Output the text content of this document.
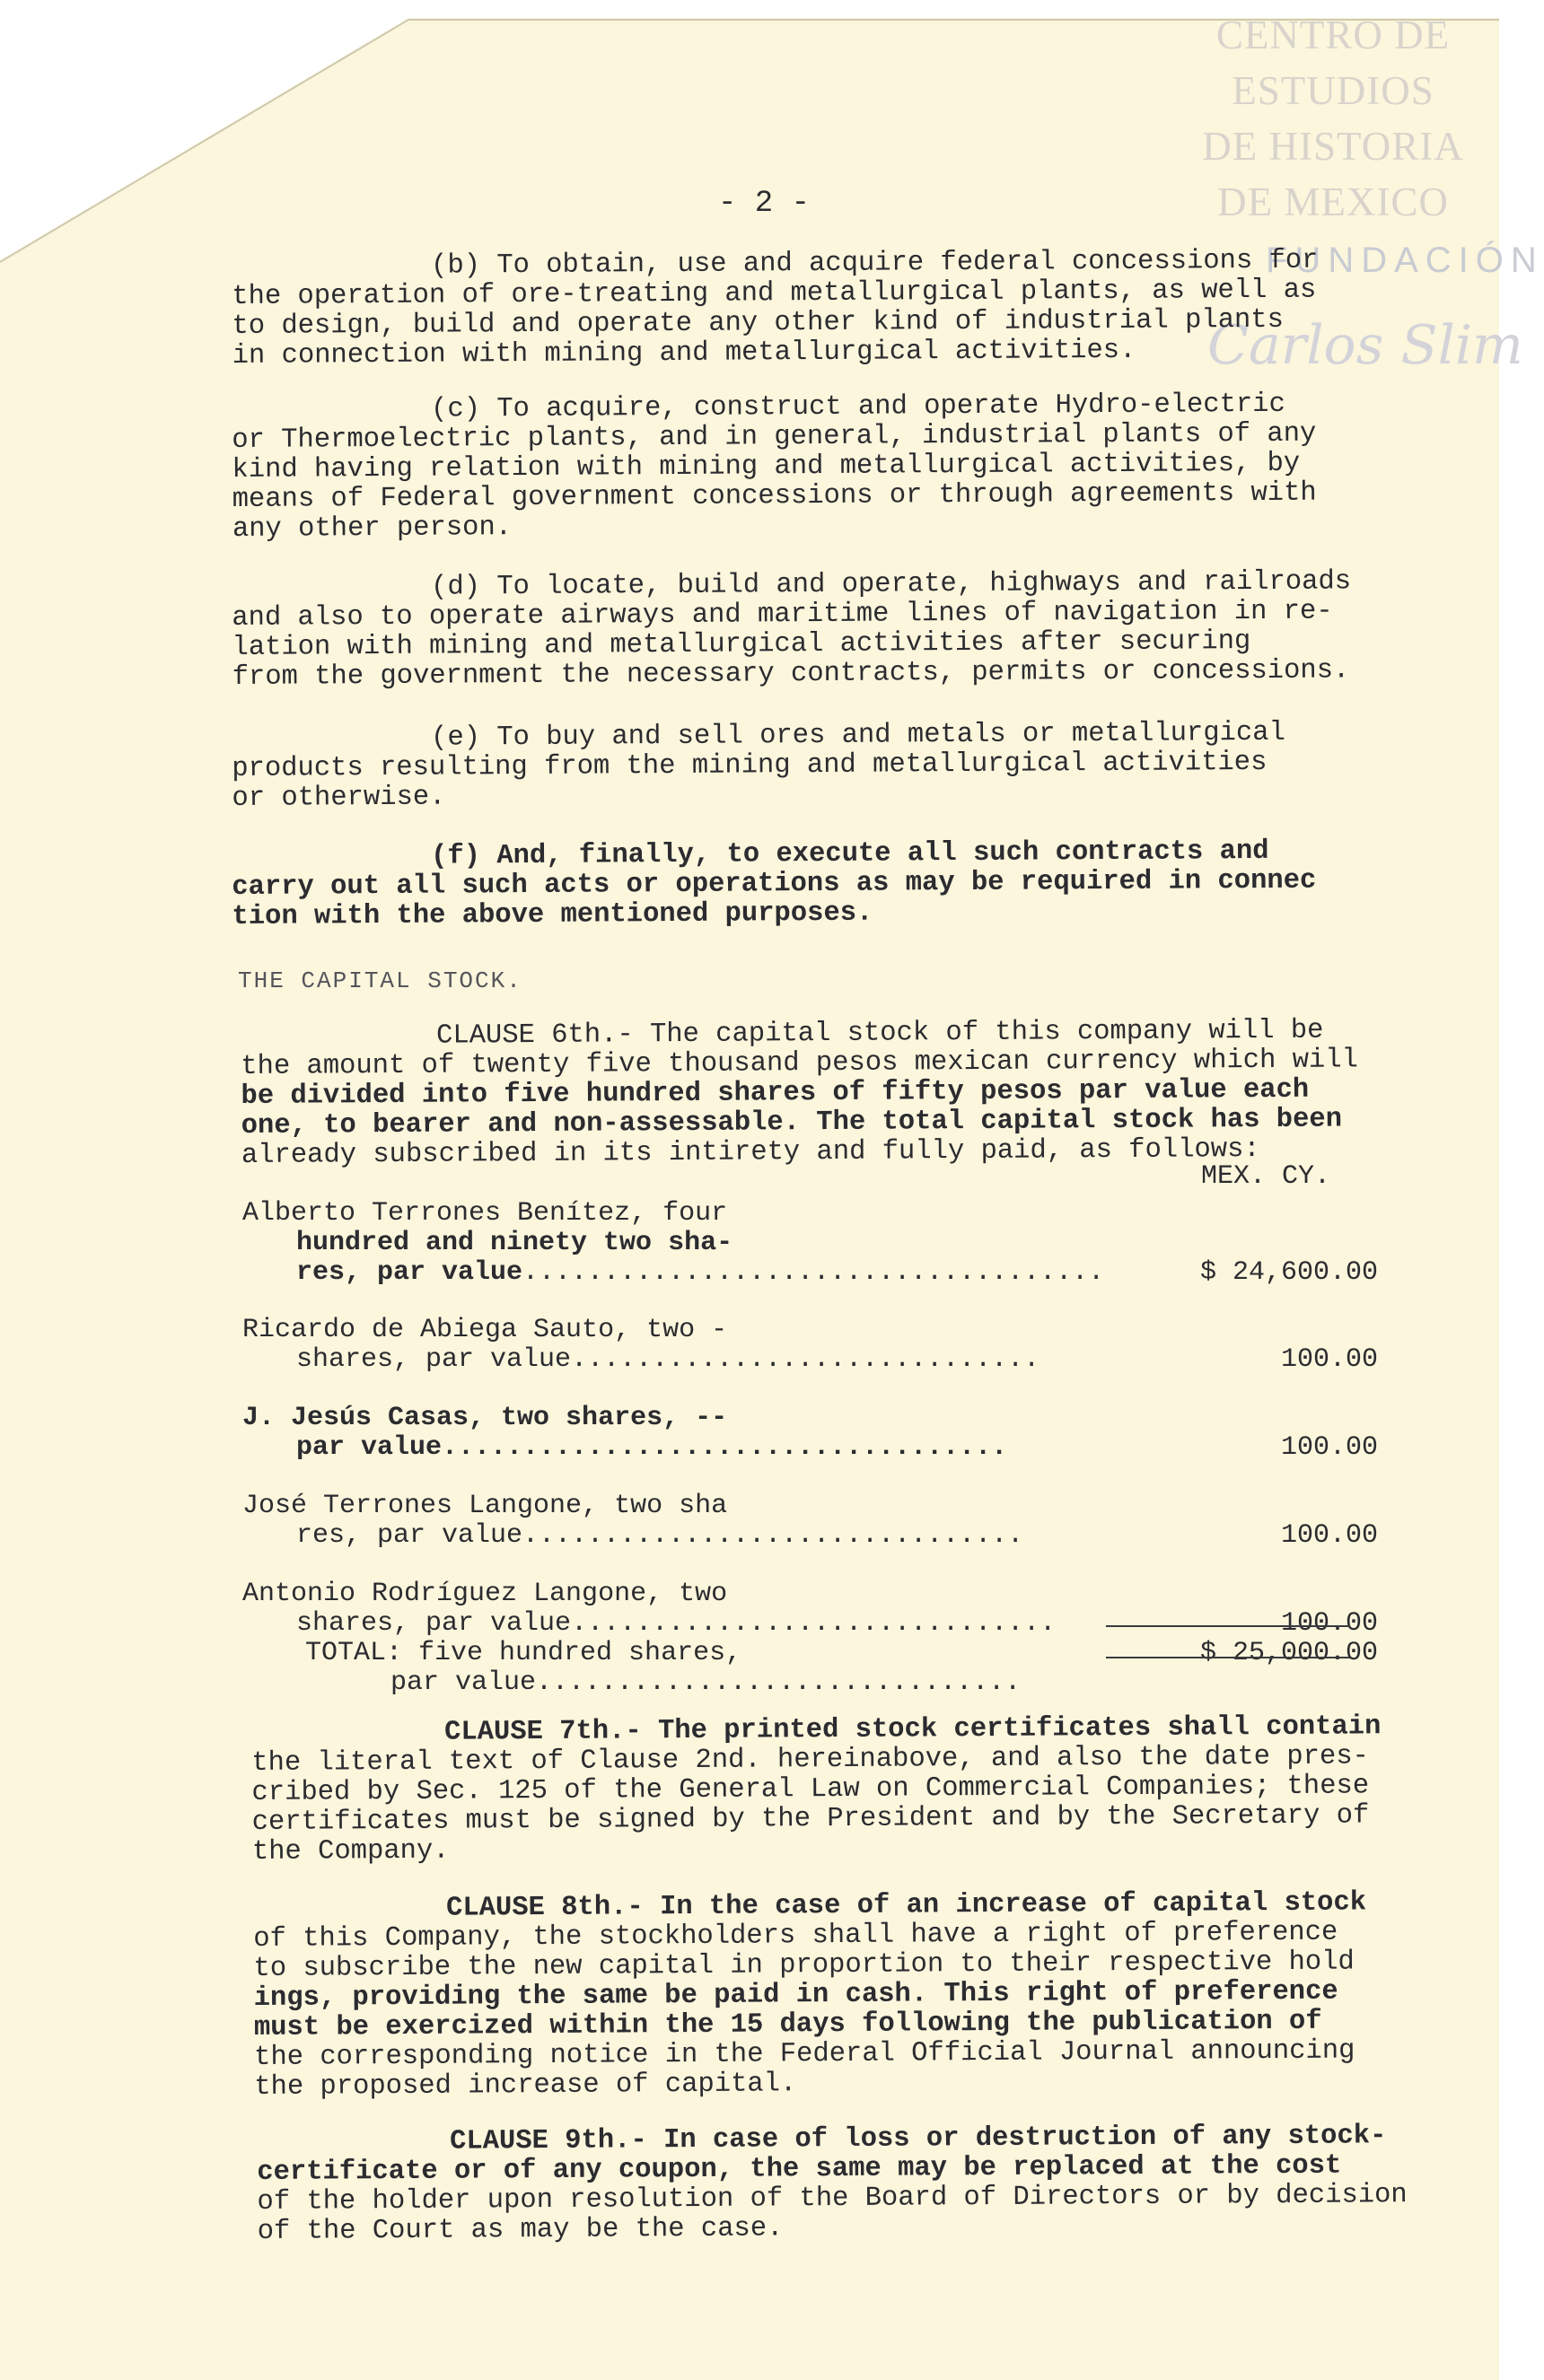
CENTRO DE
ESTUDIOS
DE HISTORIA
DE MEXICO
FUNDACIÓN
Carlos Slim
- 2 -

(b) To obtain, use and acquire federal concessions for
the operation of ore-treating and metallurgical plants, as well as
to design, build and operate any other kind of industrial plants
in connection with mining and metallurgical activities.

(c) To acquire, construct and operate Hydro-electric
or Thermoelectric plants, and in general, industrial plants of any
kind having relation with mining and metallurgical activities, by
means of Federal government concessions or through agreements with
any other person.

(d) To locate, build and operate, highways and railroads
and also to operate airways and maritime lines of navigation in re-
lation with mining and metallurgical activities after securing
from the government the necessary contracts, permits or concessions.

(e) To buy and sell ores and metals or metallurgical
products resulting from the mining and metallurgical activities
or otherwise.

(f) And, finally, to execute all such contracts and
carry out all such acts or operations as may be required in connec
tion with the above mentioned purposes.

THE CAPITAL STOCK.

CLAUSE 6th.- The capital stock of this company will be
the amount of twenty five thousand pesos mexican currency which will
be divided into five hundred shares of fifty pesos par value each
one, to bearer and non-assessable. The total capital stock has been
already subscribed in its intirety and fully paid, as follows:

MEX. CY.
Alberto Terrones Benítez, four
hundred and ninety two sha-
res, par value....................................	$ 24,600.00
Ricardo de Abiega Sauto, two -
shares, par value.............................	100.00
J. Jesús Casas, two shares, --
par value...................................	100.00
José Terrones Langone, two sha
res, par value...............................	100.00
Antonio Rodríguez Langone, two
shares, par value..............................	100.00
TOTAL: five hundred shares,	$ 25,000.00
par value..............................

CLAUSE 7th.- The printed stock certificates shall contain
the literal text of Clause 2nd. hereinabove, and also the date pres-
cribed by Sec. 125 of the General Law on Commercial Companies; these
certificates must be signed by the President and by the Secretary of
the Company.

CLAUSE 8th.- In the case of an increase of capital stock
of this Company, the stockholders shall have a right of preference
to subscribe the new capital in proportion to their respective hold
ings, providing the same be paid in cash. This right of preference
must be exercized within the 15 days following the publication of
the corresponding notice in the Federal Official Journal announcing
the proposed increase of capital.

CLAUSE 9th.- In case of loss or destruction of any stock-
certificate or of any coupon, the same may be replaced at the cost
of the holder upon resolution of the Board of Directors or by decision
of the Court as may be the case.
